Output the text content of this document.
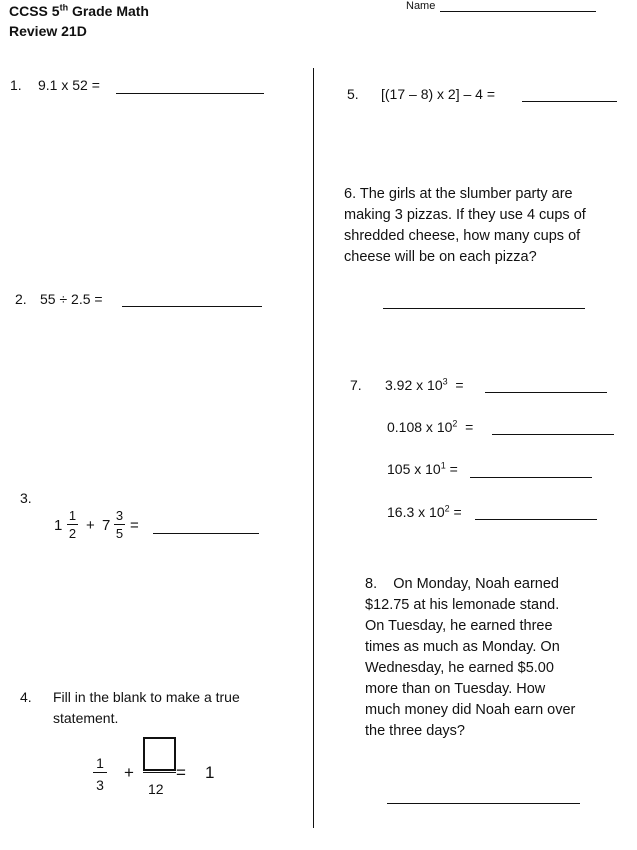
CCSS 5th Grade Math
Review 21D
Name
1. 9.1 x 52 =
2. 55 ÷ 2.5 =
3.
1
1
2 + 7
3
5 =
4. Fill in the blank to make a true
statement.
1
3
+
12
= 1
5. [(17 – 8) x 2] – 4 =
6. The girls at the slumber party are
making 3 pizzas. If they use 4 cups of
shredded cheese, how many cups of
cheese will be on each pizza?
7. 3.92 x $10^3$  =
0.108 x $10^2$  =
105 x $10^1$ =
16.3 x $10^2$ =
8.    On Monday, Noah earned
$12.75 at his lemonade stand.
On Tuesday, he earned three
times as much as Monday. On
Wednesday, he earned $5.00
more than on Tuesday. How
much money did Noah earn over
the three days?
